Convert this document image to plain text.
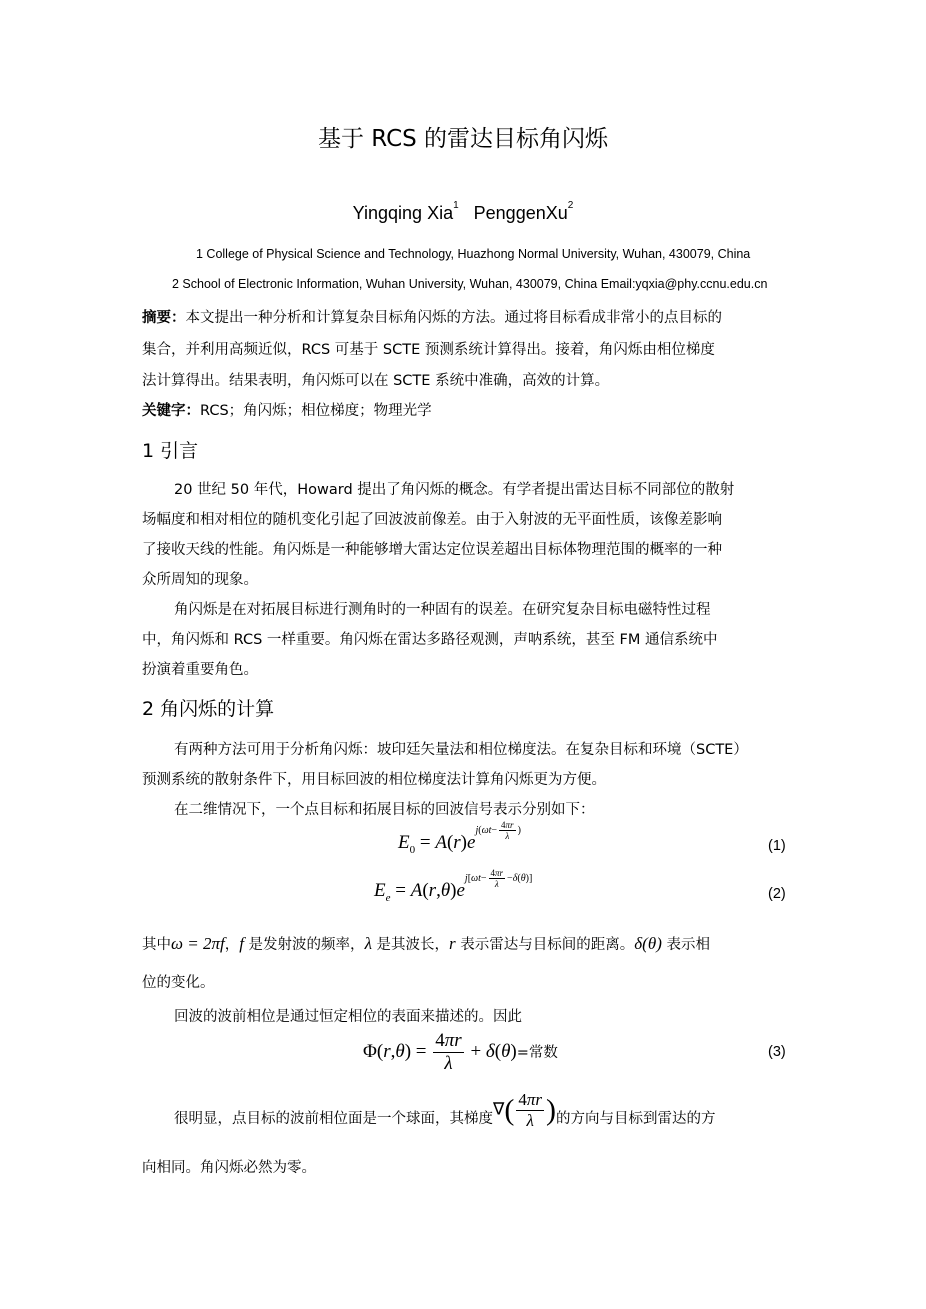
基于 RCS 的雷达目标角闪烁
Yingqing Xia$^1$ PenggenXu$^2$
1 College of Physical Science and Technology, Huazhong Normal University, Wuhan, 430079, China
2 School of Electronic Information, Wuhan University, Wuhan, 430079, China Email:yqxia@phy.ccnu.edu.cn
摘要：本文提出一种分析和计算复杂目标角闪烁的方法。通过将目标看成非常小的点目标的
集合，并利用高频近似，RCS 可基于 SCTE 预测系统计算得出。接着，角闪烁由相位梯度
法计算得出。结果表明，角闪烁可以在 SCTE 系统中准确，高效的计算。
关键字：RCS；角闪烁；相位梯度；物理光学
1 引言
20 世纪 50 年代，Howard 提出了角闪烁的概念。有学者提出雷达目标不同部位的散射
场幅度和相对相位的随机变化引起了回波波前像差。由于入射波的无平面性质，该像差影响
了接收天线的性能。角闪烁是一种能够增大雷达定位误差超出目标体物理范围的概率的一种
众所周知的现象。
角闪烁是在对拓展目标进行测角时的一种固有的误差。在研究复杂目标电磁特性过程
中，角闪烁和 RCS 一样重要。角闪烁在雷达多路径观测，声呐系统，甚至 FM 通信系统中
扮演着重要角色。
2 角闪烁的计算
有两种方法可用于分析角闪烁：坡印廷矢量法和相位梯度法。在复杂目标和环境（SCTE）
预测系统的散射条件下，用目标回波的相位梯度法计算角闪烁更为方便。
在二维情况下，一个点目标和拓展目标的回波信号表示分别如下：
$E_0 = A(r)e^{j(\omega t- \frac{4\pi r}{\lambda} )}$
(1)
$E_e = A(r,\theta)e^{j[\omega t- \frac{4\pi r}{\lambda} -\delta(\theta)]}$
(2)
其中ω = 2πf，f 是发射波的频率，λ 是其波长，r 表示雷达与目标间的距离。δ(θ) 表示相
位的变化。
回波的波前相位是通过恒定相位的表面来描述的。因此
$\Phi(r,\theta) = \frac{4\pi r}{\lambda} + \delta(\theta)=$常数	(3)
很明显，点目标的波前相位面是一个球面，其梯度∇( $\frac{4\pi r}{\lambda}$ )的方向与目标到雷达的方
向相同。角闪烁必然为零。
